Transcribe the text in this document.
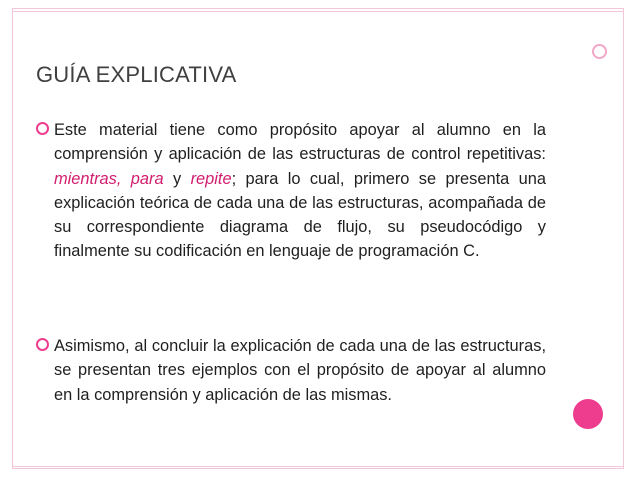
GUÍA EXPLICATIVA
Este material tiene como propósito apoyar al alumno en la comprensión y aplicación de las estructuras de control repetitivas: mientras, para y repite; para lo cual, primero se presenta una explicación teórica de cada una de las estructuras, acompañada de su correspondiente diagrama de flujo, su pseudocódigo y finalmente su codificación en lenguaje de programación C.
Asimismo, al concluir la explicación de cada una de las estructuras, se presentan tres ejemplos con el propósito de apoyar al alumno en la comprensión y aplicación de las mismas.
